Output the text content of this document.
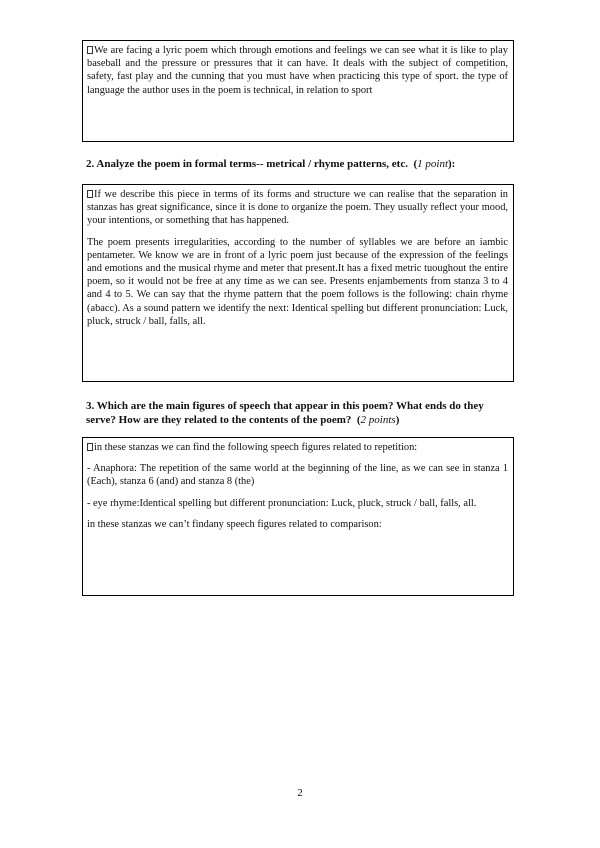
We are facing a lyric poem which through emotions and feelings we can see what it is like to play baseball and the pressure or pressures that it can have. It deals with the subject of competition, safety, fast play and the cunning that you must have when practicing this type of sport. the type of language the author uses in the poem is technical, in relation to sport

2. Analyze the poem in formal terms-- metrical / rhyme patterns, etc.  (1 point):

If we describe this piece in terms of its forms and structure we can realise that the separation in stanzas has great significance, since it is done to organize the poem. They usually reflect your mood, your intentions, or something that has happened.

The poem presents irregularities, according to the number of syllables we are before an iambic pentameter. We know we are in front of a lyric poem just because of the expression of the feelings and emotions and the musical rhyme and meter that present.It has a fixed metric tuoughout the entire poem, so it would not be free at any time as we can see. Presents enjambements from stanza 3 to 4 and 4 to 5. We can say that the rhyme pattern that the poem follows is the following: chain rhyme (abacc). As a sound pattern we identify the next: Identical spelling but different pronunciation: Luck, pluck, struck / ball, falls, all.

3. Which are the main figures of speech that appear in this poem? What ends do they serve? How are they related to the contents of the poem?  (2 points)

in these stanzas we can find the following speech figures related to repetition:

- Anaphora: The repetition of the same world at the beginning of the line, as we can see in stanza 1 (Each), stanza 6 (and) and stanza 8 (the)

- eye rhyme:Identical spelling but different pronunciation: Luck, pluck, struck / ball, falls, all.

in these stanzas we can’t findany speech figures related to comparison:

2
